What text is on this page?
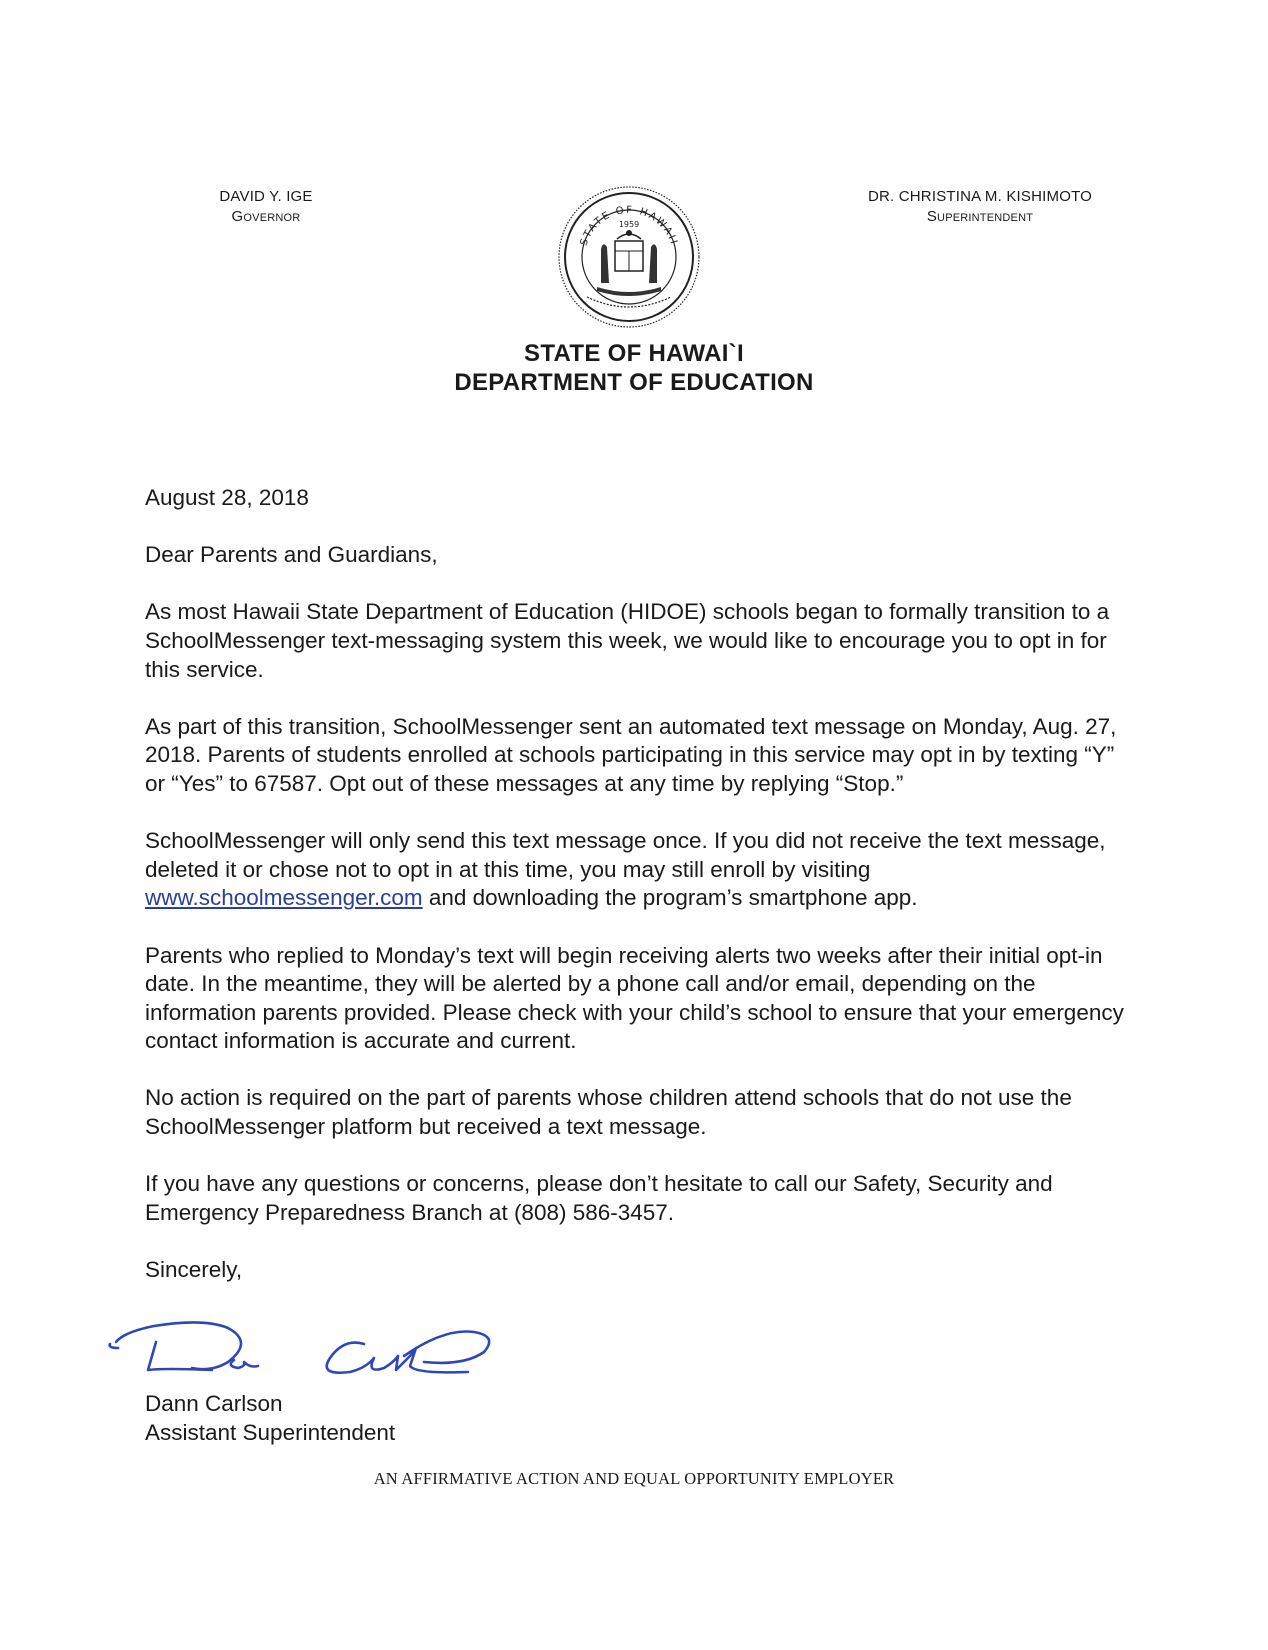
DAVID Y. IGE
Governor
STATE OF HAWAII
1959
DR. CHRISTINA M. KISHIMOTO
Superintendent
STATE OF HAWAI`I
DEPARTMENT OF EDUCATION

August 28, 2018

Dear Parents and Guardians,

As most Hawaii State Department of Education (HIDOE) schools began to formally transition to a SchoolMessenger text-messaging system this week, we would like to encourage you to opt in for this service.

As part of this transition, SchoolMessenger sent an automated text message on Monday, Aug. 27, 2018. Parents of students enrolled at schools participating in this service may opt in by texting “Y” or “Yes” to 67587. Opt out of these messages at any time by replying “Stop.”

SchoolMessenger will only send this text message once. If you did not receive the text message, deleted it or chose not to opt in at this time, you may still enroll by visiting www.schoolmessenger.com and downloading the program’s smartphone app.

Parents who replied to Monday’s text will begin receiving alerts two weeks after their initial opt-in date. In the meantime, they will be alerted by a phone call and/or email, depending on the information parents provided. Please check with your child’s school to ensure that your emergency contact information is accurate and current.

No action is required on the part of parents whose children attend schools that do not use the SchoolMessenger platform but received a text message.

If you have any questions or concerns, please don’t hesitate to call our Safety, Security and Emergency Preparedness Branch at (808) 586-3457.

Sincerely,

Dann Carlson
Assistant Superintendent
AN AFFIRMATIVE ACTION AND EQUAL OPPORTUNITY EMPLOYER
